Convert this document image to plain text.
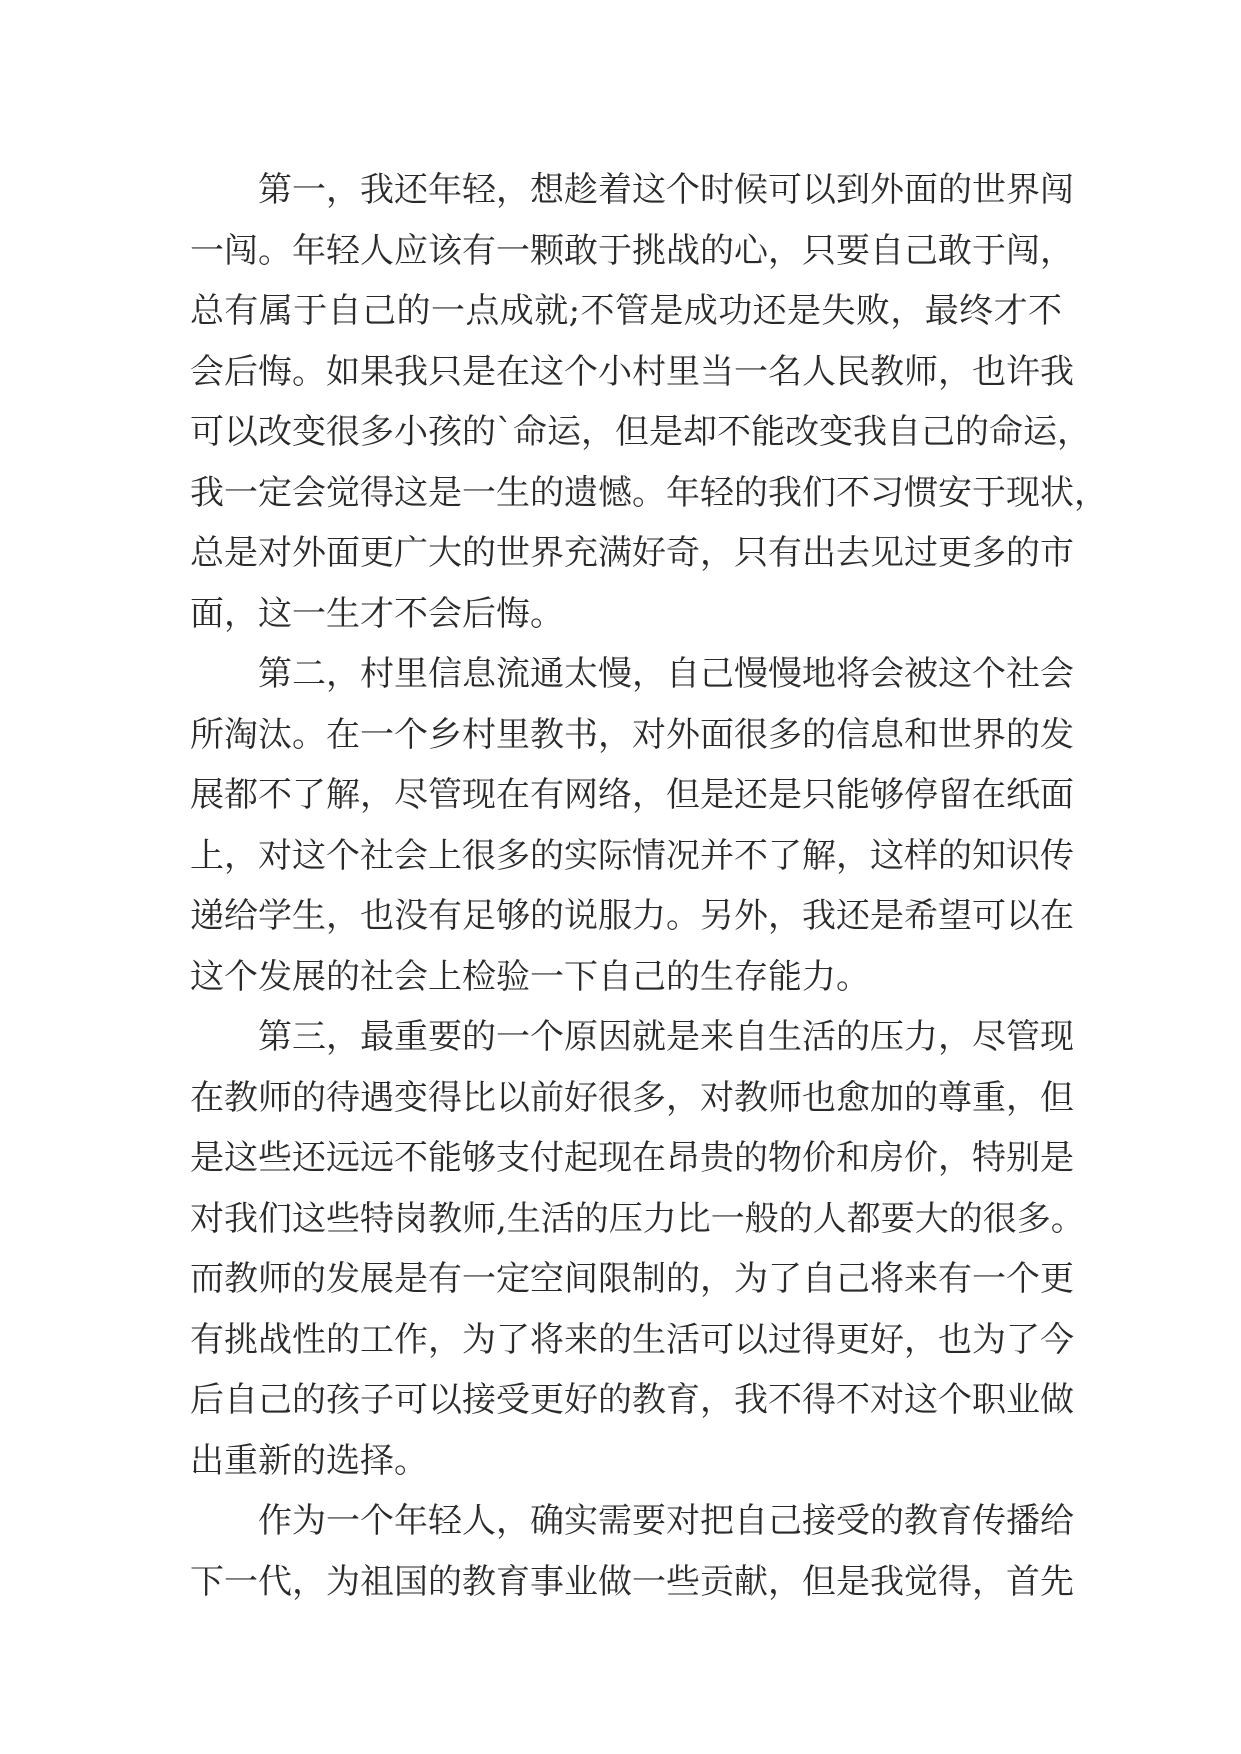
第一，我还年轻，想趁着这个时候可以到外面的世界闯
一闯。年轻人应该有一颗敢于挑战的心，只要自己敢于闯，
总有属于自己的一点成就;不管是成功还是失败，最终才不
会后悔。如果我只是在这个小村里当一名人民教师，也许我
可以改变很多小孩的`命运，但是却不能改变我自己的命运，
我一定会觉得这是一生的遗憾。年轻的我们不习惯安于现状，
总是对外面更广大的世界充满好奇，只有出去见过更多的市
面，这一生才不会后悔。
第二，村里信息流通太慢，自己慢慢地将会被这个社会
所淘汰。在一个乡村里教书，对外面很多的信息和世界的发
展都不了解，尽管现在有网络，但是还是只能够停留在纸面
上，对这个社会上很多的实际情况并不了解，这样的知识传
递给学生，也没有足够的说服力。另外，我还是希望可以在
这个发展的社会上检验一下自己的生存能力。
第三，最重要的一个原因就是来自生活的压力，尽管现
在教师的待遇变得比以前好很多，对教师也愈加的尊重，但
是这些还远远不能够支付起现在昂贵的物价和房价，特别是
对我们这些特岗教师,生活的压力比一般的人都要大的很多。
而教师的发展是有一定空间限制的，为了自己将来有一个更
有挑战性的工作，为了将来的生活可以过得更好，也为了今
后自己的孩子可以接受更好的教育，我不得不对这个职业做
出重新的选择。
作为一个年轻人，确实需要对把自己接受的教育传播给
下一代，为祖国的教育事业做一些贡献，但是我觉得，首先
